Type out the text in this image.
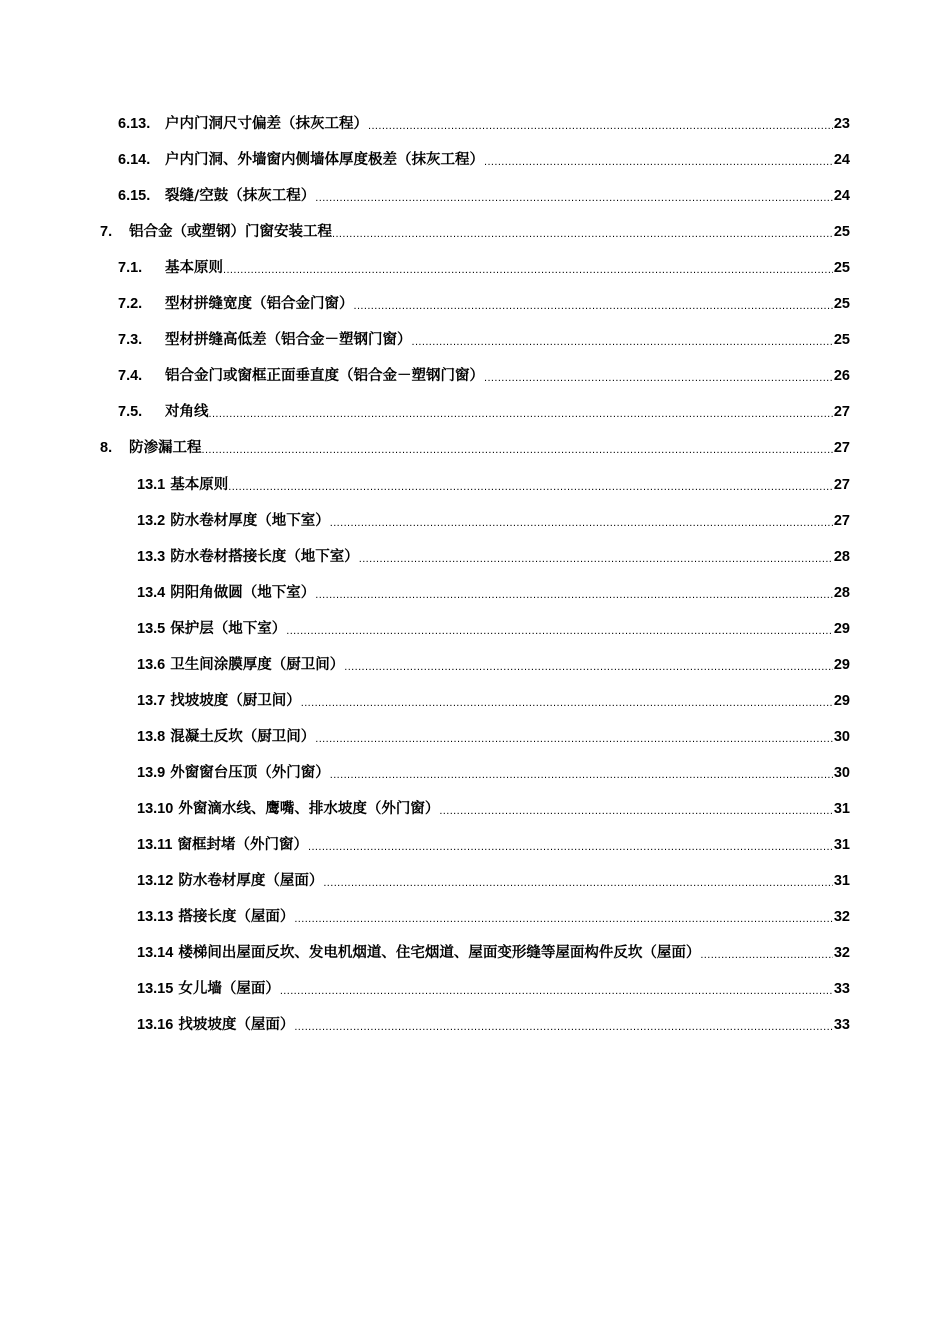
6.13.	户内门洞尺寸偏差（抹灰工程） .....	23
6.14.	户内门洞、外墙窗内侧墙体厚度极差（抹灰工程） .....	24
6.15.	裂缝/空鼓（抹灰工程） .....	24
7.	铝合金（或塑钢）门窗安装工程 .....	25
7.1.	基本原则 .....	25
7.2.	型材拼缝宽度（铝合金门窗） .....	25
7.3.	型材拼缝高低差（铝合金－塑钢门窗） .....	25
7.4.	铝合金门或窗框正面垂直度（铝合金－塑钢门窗） .....	26
7.5.	对角线 .....	27
8.	防渗漏工程 .....	27
13.1 基本原则 .....	27
13.2 防水卷材厚度（地下室） .....	27
13.3 防水卷材搭接长度（地下室） .....	28
13.4 阴阳角做圆（地下室） .....	28
13.5 保护层（地下室） .....	29
13.6 卫生间涂膜厚度（厨卫间） .....	29
13.7 找坡坡度（厨卫间） .....	29
13.8 混凝土反坎（厨卫间） .....	30
13.9 外窗窗台压顶（外门窗） .....	30
13.10 外窗滴水线、鹰嘴、排水坡度（外门窗） .....	31
13.11 窗框封堵（外门窗） .....	31
13.12 防水卷材厚度（屋面） .....	31
13.13 搭接长度（屋面） .....	32
13.14 楼梯间出屋面反坎、发电机烟道、住宅烟道、屋面变形缝等屋面构件反坎（屋面） .....	32
13.15 女儿墙（屋面） .....	33
13.16 找坡坡度（屋面） .....	33
